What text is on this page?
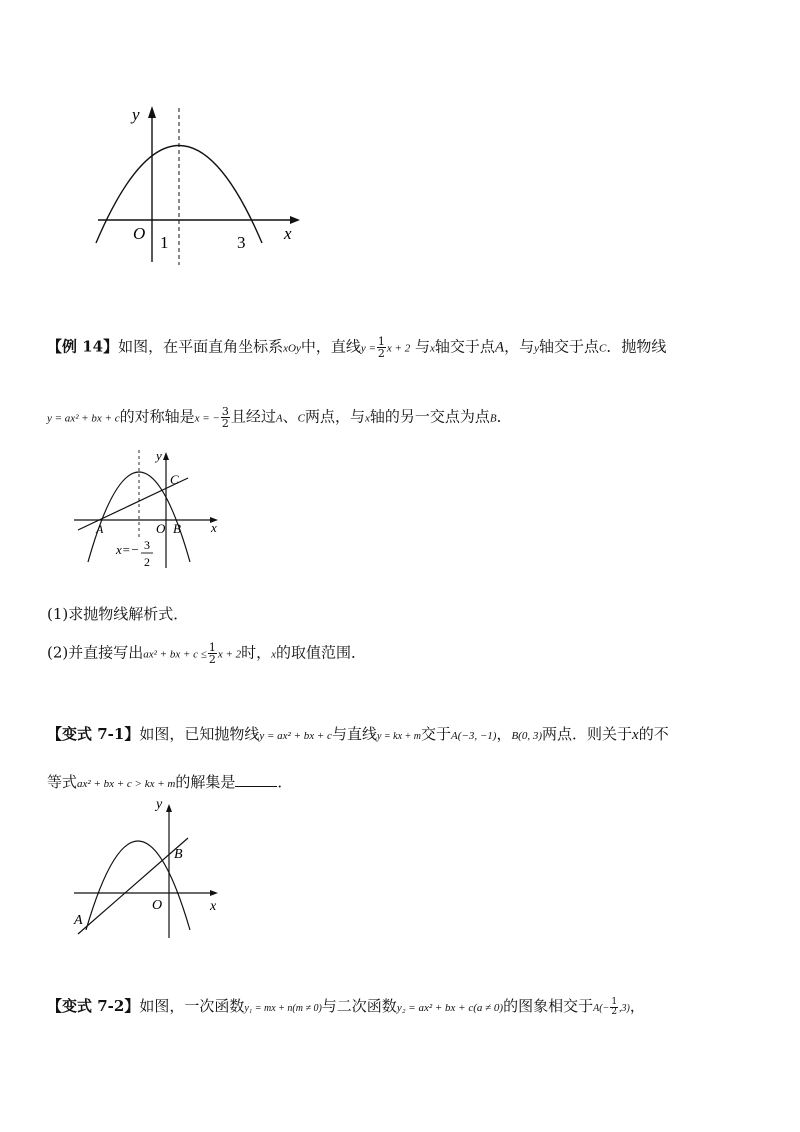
y
x
O 1	3
【例 14】如图，在平面直角坐标系xOy中，直线$y = \frac{1}{2}$ x + 2 与x轴交于点A，与y轴交于点C．抛物线
y = ax² + bx + c的对称轴是x = − $\frac{3}{2}$ 且经过A、C两点，与x轴的另一交点为点B．
y
x
C
A	O B
x=− 3
2
(1)求抛物线解析式．
(2)并直接写出ax² + bx + $c \le \frac{1}{2}$ x + 2时，x的取值范围．
【变式 7-1】如图，已知抛物线y = ax² + bx + c与直线y = kx + m交于A(−3, −1)，B(0, 3)两点．则关于x的不
等式ax² + bx + c > kx + m的解集是	．
y
x
B
O
A
【变式 7-2】如图，一次函数y₁ = mx + n(m ≠ 0)与二次函数y₂ = ax² + bx + c(a ≠ 0)的图象相交于$A(- \frac{1}{2} ,3)$，
